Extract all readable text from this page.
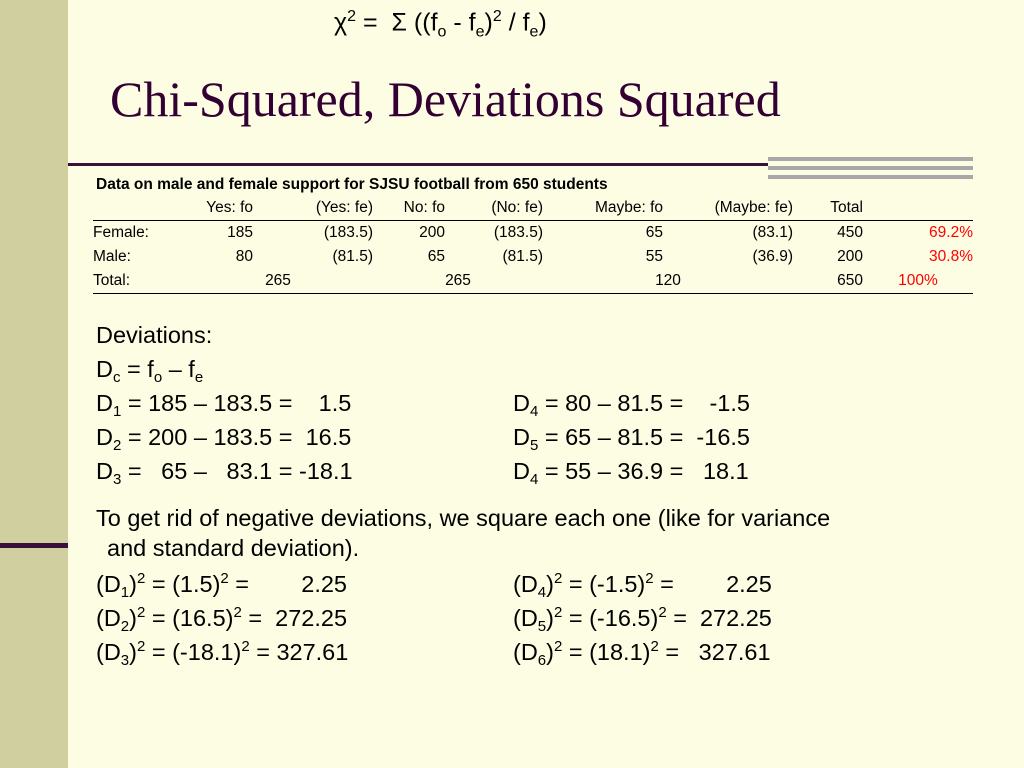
$\chi^2 = \Sigma$ $((f_o - f_e)^2 / f_e)$
Chi-Squared, Deviations Squared
Data on male and female support for SJSU football from 650 students
	Yes: fo	(Yes: fe)	No: fo	(No: fe)	Maybe: fo	(Maybe: fe)	Total	
Female:	185	(183.5)	200	(183.5)	65	(83.1)	450	69.2%
Male:	80	(81.5)	65	(81.5)	55	(36.9)	200	30.8%
Total:	265		265		120		650	100%
Deviations:
$D_c = f_o - f_e$
$D_1 = 185 - 183.5$ =    1.5	$D_4 = 80 - 81.5$ =    -1.5
$D_2 = 200 - 183.5 = 16.5$	$D_5 = 65 - 81.5 = -16.5$
$D_3 = 65 - 83.1 = -18.1$	$D_4 = 55 - 36.9 = 18.1$
To get rid of negative deviations, we square each one (like for variance
and standard deviation).
$(D_1)^2 = (1.5)^2$ =        2.25	$(D_4)^2 = (-1.5)^2$ =        2.25
$(D_2)^2 = (16.5)^2 = 272.25$	$(D_5)^2 = (-16.5)^2 = 272.25$
$(D_3)^2 = (-18.1)^2 = 327.61$	$(D_6)^2 = (18.1)^2 = 327.61$
